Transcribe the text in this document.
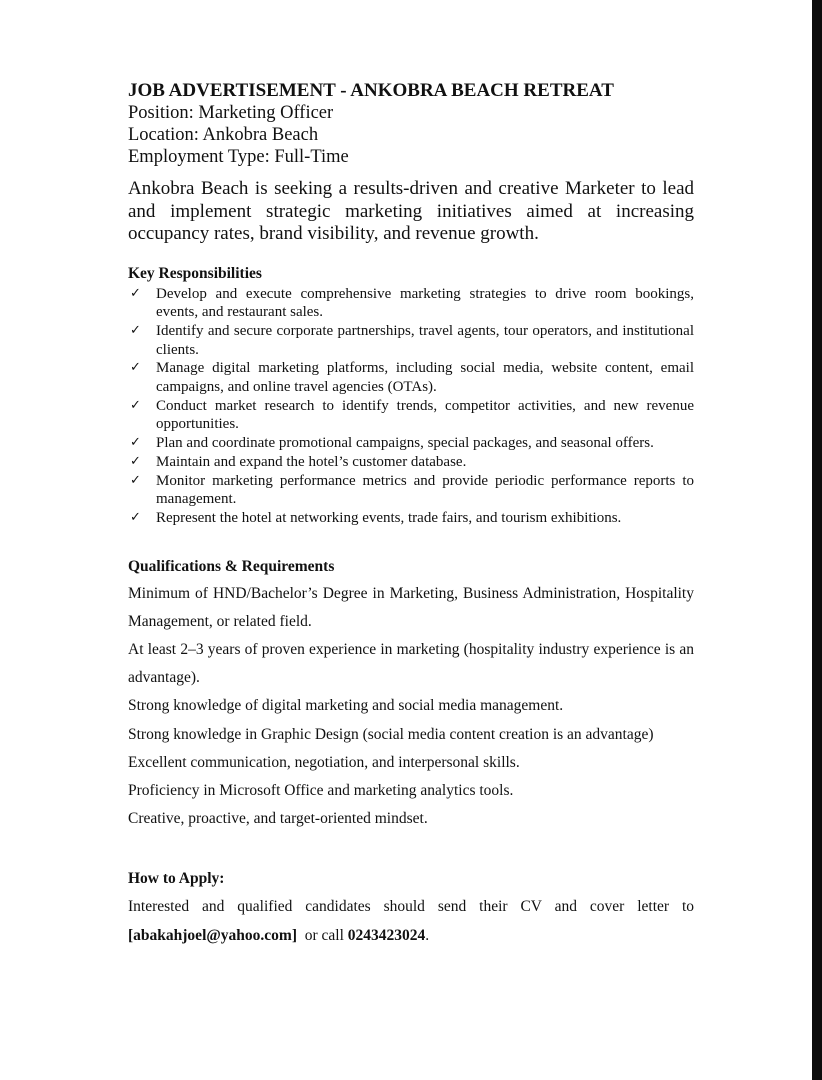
JOB ADVERTISEMENT - ANKOBRA BEACH RETREAT

Position: Marketing Officer

Location: Ankobra Beach

Employment Type: Full-Time

Ankobra Beach is seeking a results-driven and creative Marketer to lead and implement strategic marketing initiatives aimed at increasing occupancy rates, brand visibility, and revenue growth.

Key Responsibilities

✓ Develop and execute comprehensive marketing strategies to drive room bookings, events, and restaurant sales.
✓ Identify and secure corporate partnerships, travel agents, tour operators, and institutional clients.
✓ Manage digital marketing platforms, including social media, website content, email campaigns, and online travel agencies (OTAs).
✓ Conduct market research to identify trends, competitor activities, and new revenue opportunities.
✓ Plan and coordinate promotional campaigns, special packages, and seasonal offers.
✓ Maintain and expand the hotel’s customer database.
✓ Monitor marketing performance metrics and provide periodic performance reports to management.
✓ Represent the hotel at networking events, trade fairs, and tourism exhibitions.

Qualifications & Requirements

Minimum of HND/Bachelor’s Degree in Marketing, Business Administration, Hospitality Management, or related field.

At least 2–3 years of proven experience in marketing (hospitality industry experience is an advantage).

Strong knowledge of digital marketing and social media management.

Strong knowledge in Graphic Design (social media content creation is an advantage)

Excellent communication, negotiation, and interpersonal skills.

Proficiency in Microsoft Office and marketing analytics tools.

Creative, proactive, and target-oriented mindset.

How to Apply:

Interested and qualified candidates should send their CV and cover letter to [abakahjoel@yahoo.com]  or call 0243423024.
